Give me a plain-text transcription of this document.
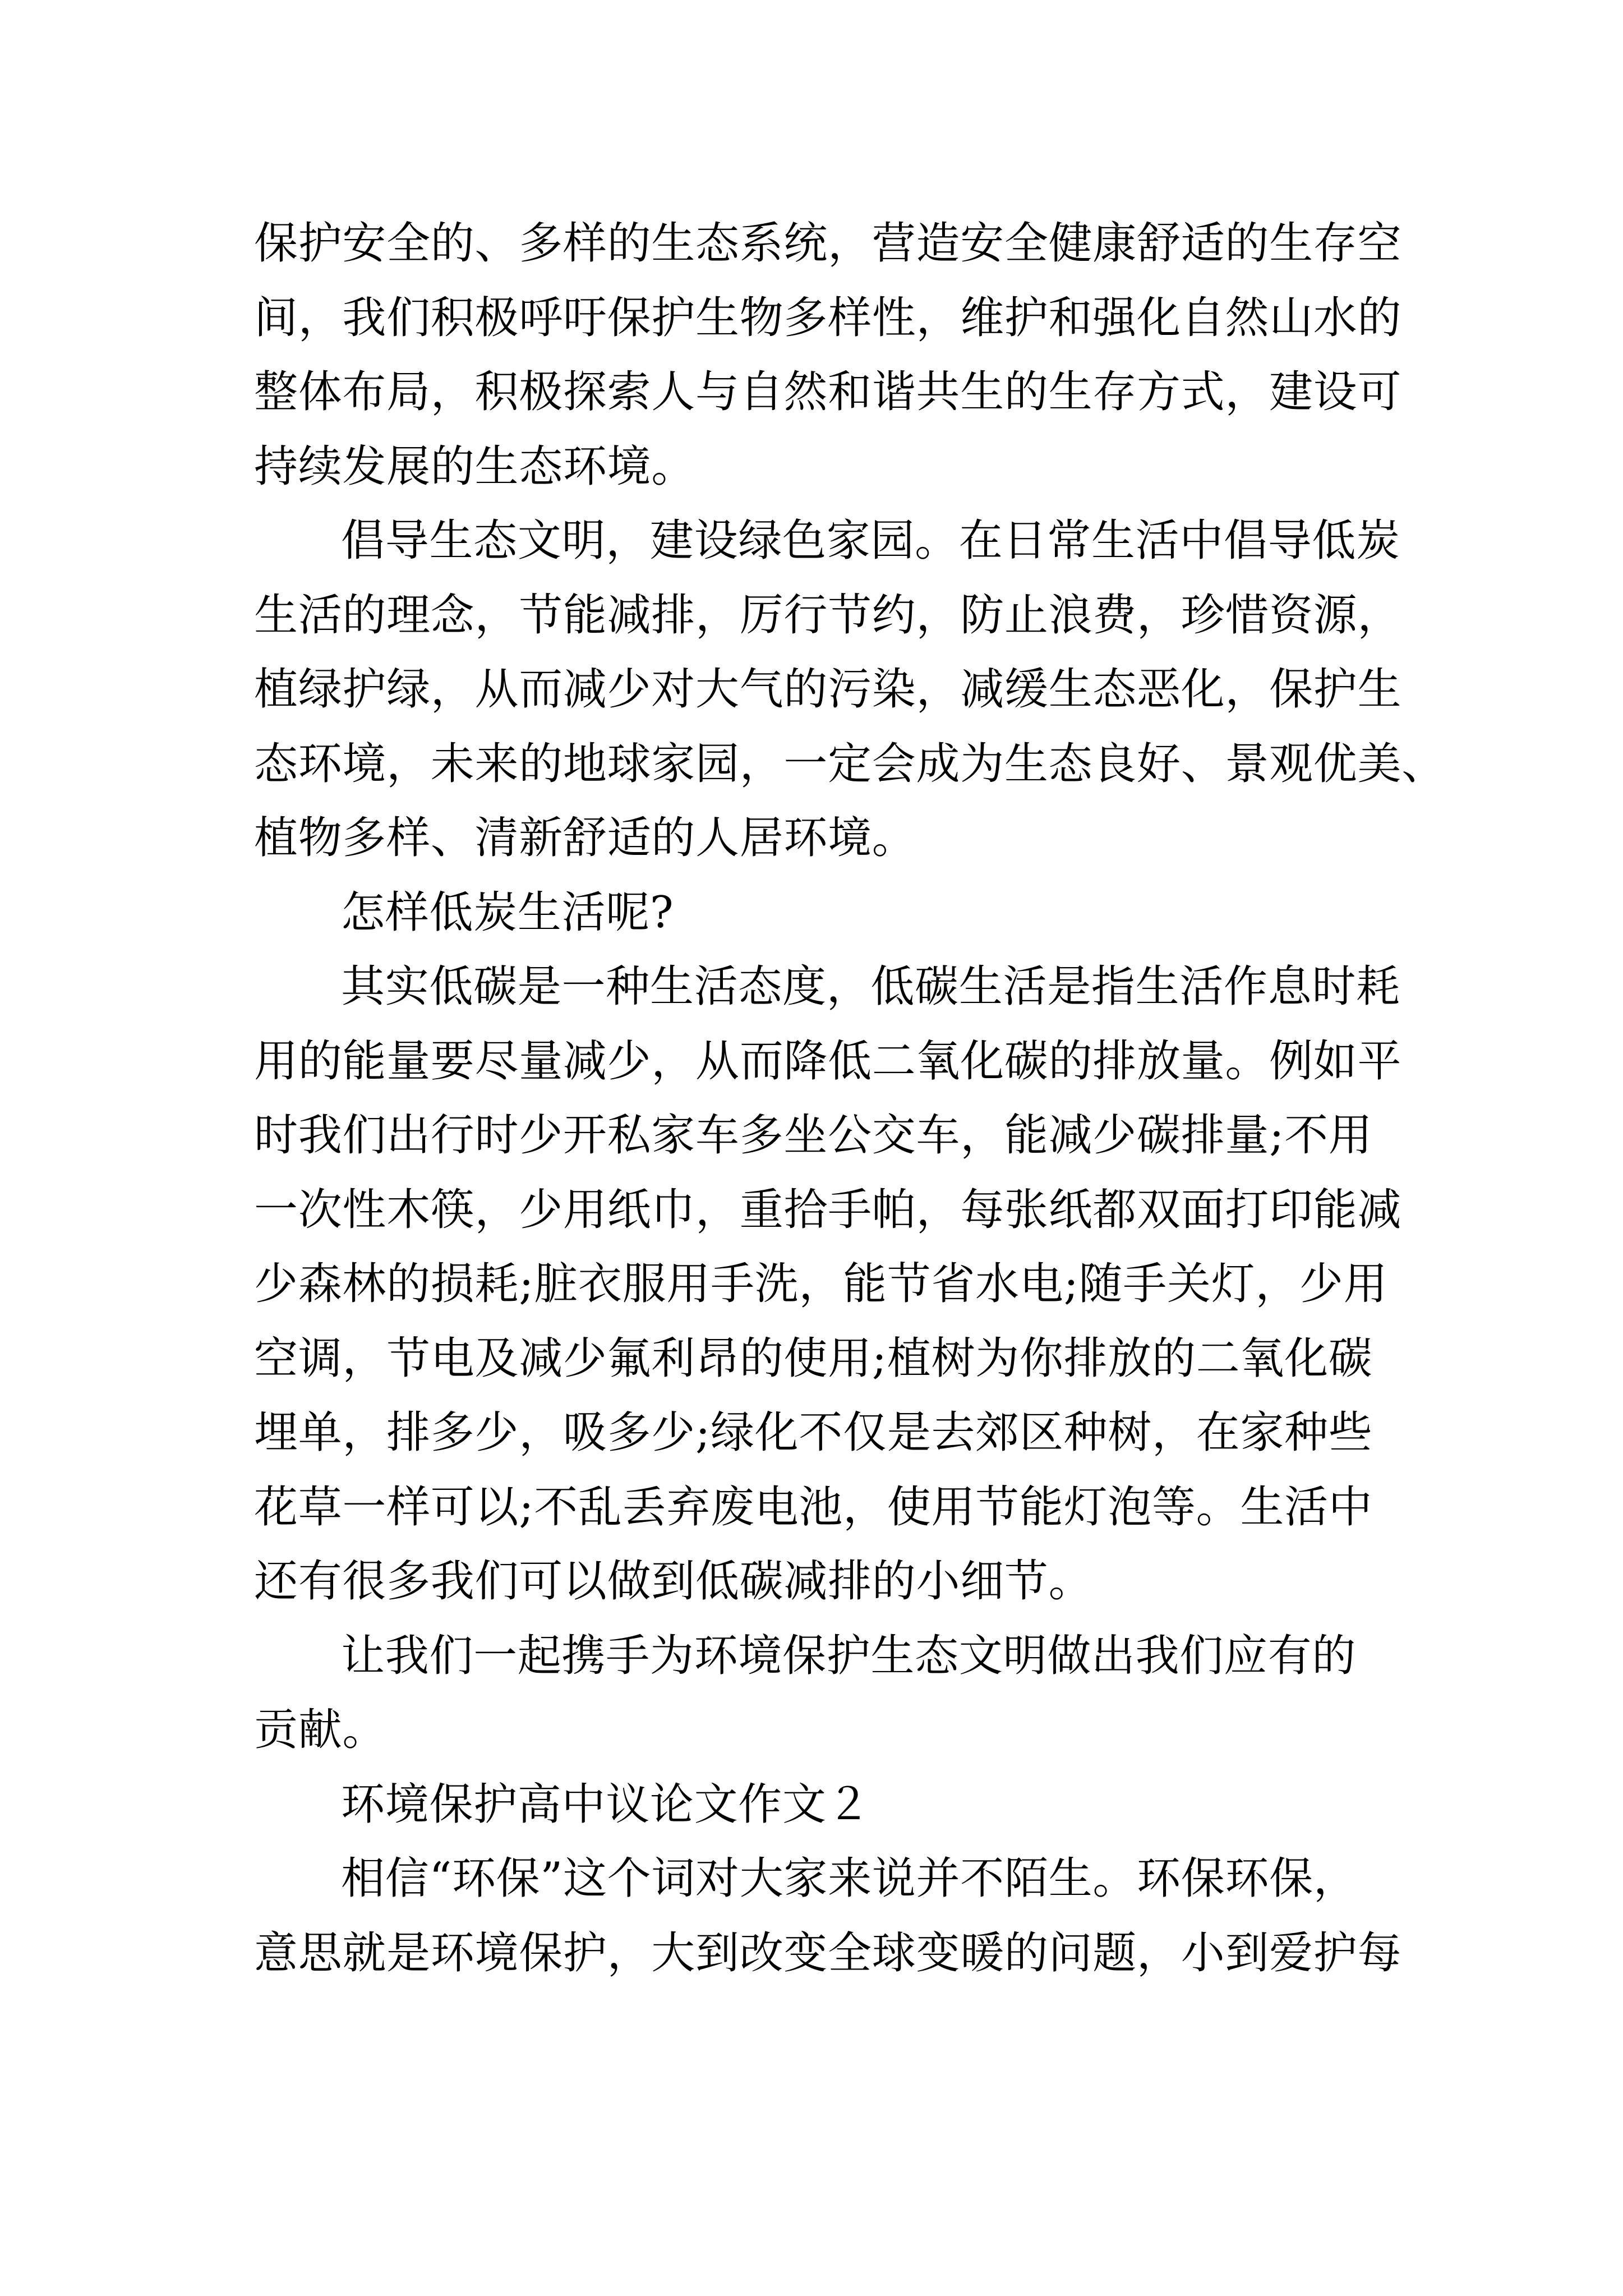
保护安全的、多样的生态系统，营造安全健康舒适的生存空
间，我们积极呼吁保护生物多样性，维护和强化自然山水的
整体布局，积极探索人与自然和谐共生的生存方式，建设可
持续发展的生态环境。
倡导生态文明，建设绿色家园。在日常生活中倡导低炭
生活的理念，节能减排，厉行节约，防止浪费，珍惜资源，
植绿护绿，从而减少对大气的污染，减缓生态恶化，保护生
态环境，未来的地球家园，一定会成为生态良好、景观优美、
植物多样、清新舒适的人居环境。
怎样低炭生活呢?
其实低碳是一种生活态度，低碳生活是指生活作息时耗
用的能量要尽量减少，从而降低二氧化碳的排放量。例如平
时我们出行时少开私家车多坐公交车，能减少碳排量;不用
一次性木筷，少用纸巾，重拾手帕，每张纸都双面打印能减
少森林的损耗;脏衣服用手洗，能节省水电;随手关灯，少用
空调，节电及减少氟利昂的使用;植树为你排放的二氧化碳
埋单，排多少，吸多少;绿化不仅是去郊区种树，在家种些
花草一样可以;不乱丢弃废电池，使用节能灯泡等。生活中
还有很多我们可以做到低碳减排的小细节。
让我们一起携手为环境保护生态文明做出我们应有的
贡献。
环境保护高中议论文作文２
相信“环保”这个词对大家来说并不陌生。环保环保，
意思就是环境保护，大到改变全球变暖的问题，小到爱护每
